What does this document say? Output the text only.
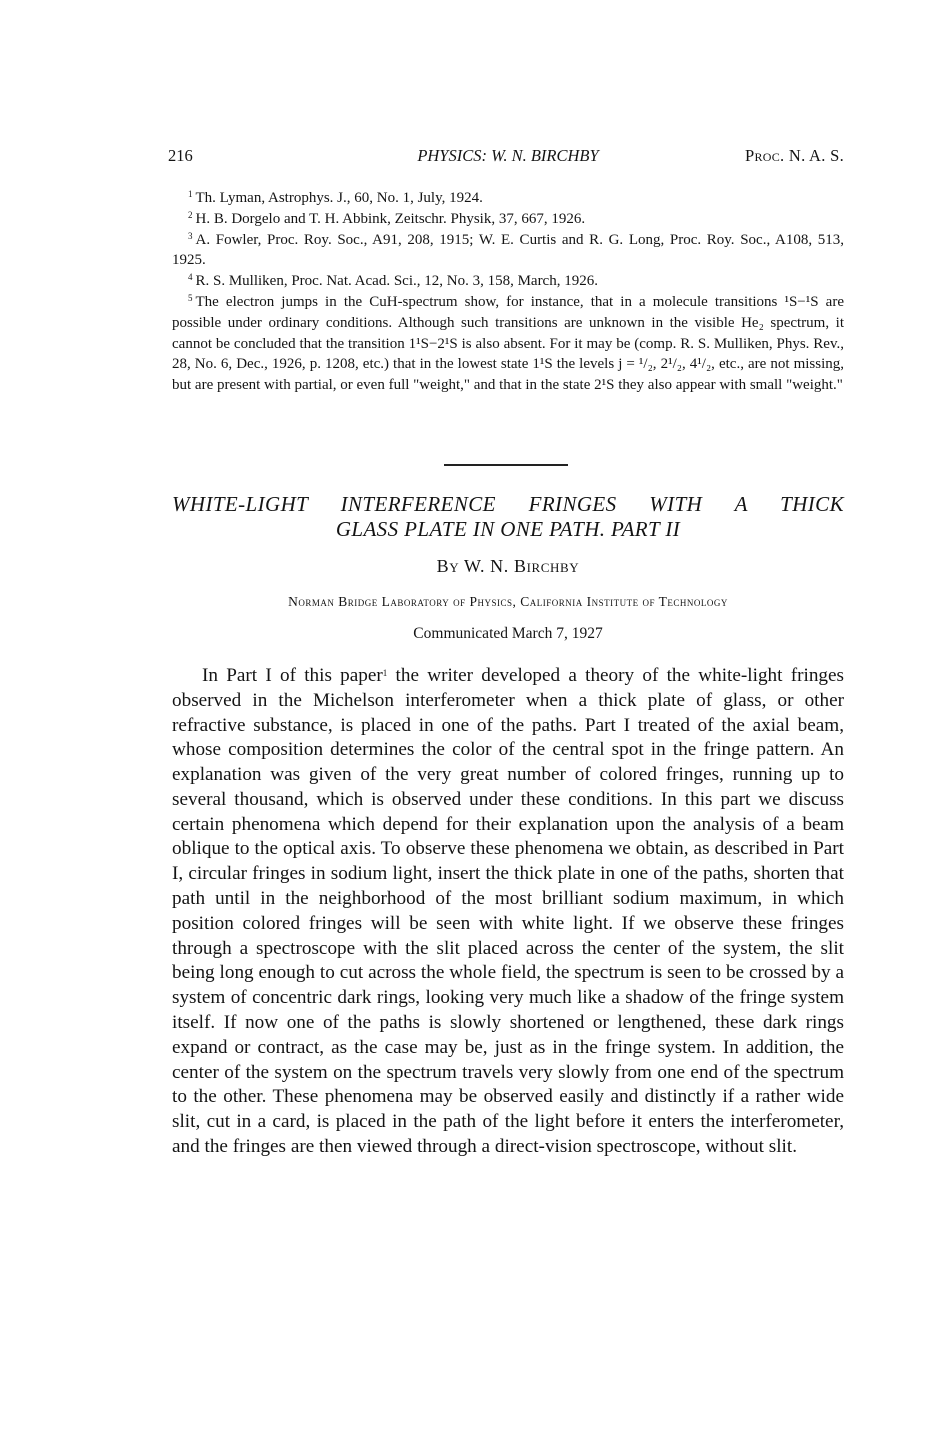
216	PHYSICS: W. N. BIRCHBY	Proc. N. A. S.

$^1$ Th. Lyman, Astrophys. J., 60, No. 1, July, 1924.

$^2$ H. B. Dorgelo and T. H. Abbink, Zeitschr. Physik, 37, 667, 1926.

$^3$ A. Fowler, Proc. Roy. Soc., A91, 208, 1915; W. E. Curtis and R. G. Long, Proc. Roy. Soc., A108, 513, 1925.

$^4$ R. S. Mulliken, Proc. Nat. Acad. Sci., 12, No. 3, 158, March, 1926.

$^5$ The electron jumps in the CuH-spectrum show, for instance, that in a molecule transitions ¹S−¹S are possible under ordinary conditions. Although such transitions are unknown in the visible He₂ spectrum, it cannot be concluded that the transition 1¹S−2¹S is also absent. For it may be (comp. R. S. Mulliken, Phys. Rev., 28, No. 6, Dec., 1926, p. 1208, etc.) that in the lowest state 1¹S the levels j = ¹/₂, 2¹/₂, 4¹/₂, etc., are not missing, but are present with partial, or even full "weight," and that in the state 2¹S they also appear with small "weight."

WHITE-LIGHT INTERFERENCE FRINGES WITH A THICK
GLASS PLATE IN ONE PATH. PART II
By W. N. Birchby
Norman Bridge Laboratory of Physics, California Institute of Technology
Communicated March 7, 1927

In Part I of this paper$^1$ the writer developed a theory of the white-light fringes observed in the Michelson interferometer when a thick plate of glass, or other refractive substance, is placed in one of the paths. Part I treated of the axial beam, whose composition determines the color of the central spot in the fringe pattern. An explanation was given of the very great number of colored fringes, running up to several thousand, which is observed under these conditions. In this part we discuss certain phenomena which depend for their explanation upon the analysis of a beam oblique to the optical axis. To observe these phenomena we obtain, as described in Part I, circular fringes in sodium light, insert the thick plate in one of the paths, shorten that path until in the neighborhood of the most brilliant sodium maximum, in which position colored fringes will be seen with white light. If we observe these fringes through a spectroscope with the slit placed across the center of the system, the slit being long enough to cut across the whole field, the spectrum is seen to be crossed by a system of concentric dark rings, looking very much like a shadow of the fringe system itself. If now one of the paths is slowly shortened or lengthened, these dark rings expand or contract, as the case may be, just as in the fringe system. In addition, the center of the system on the spectrum travels very slowly from one end of the spectrum to the other. These phenomena may be observed easily and distinctly if a rather wide slit, cut in a card, is placed in the path of the light before it enters the interferometer, and the fringes are then viewed through a direct-vision spectroscope, without slit.
